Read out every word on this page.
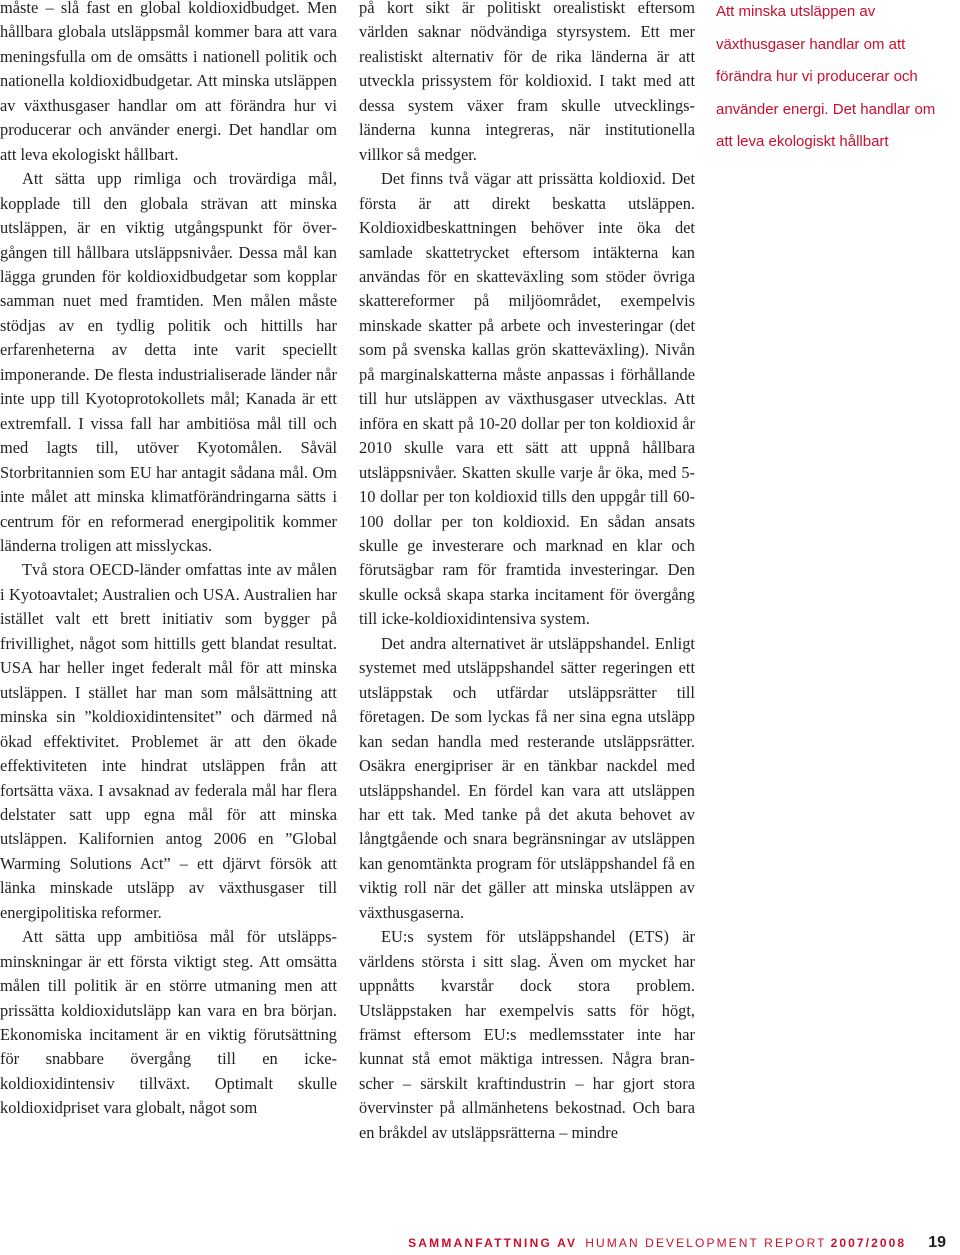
måste – slå fast en global koldioxidbudget. Men hållbara globala utsläppsmål kommer bara att vara meningsfulla om de omsätts i nationell politik och nationella koldioxidbudgetar. Att minska utsläppen av växthusgaser handlar om att förändra hur vi producerar och använder energi. Det handlar om att leva ekologiskt hållbart.

Att sätta upp rimliga och trovärdiga mål, kopplade till den globala strävan att minska utsläppen, är en viktig utgångspunkt för övergången till hållbara utsläppsnivåer. Dessa mål kan lägga grunden för koldioxidbudgetar som kopplar samman nuet med framtiden. Men målen måste stödjas av en tydlig politik och hittills har erfarenheterna av detta inte varit speciellt imponerande. De flesta industrialiserade länder når inte upp till Kyotoprotokollets mål; Kanada är ett extremfall. I vissa fall har ambitiösa mål till och med lagts till, utöver Kyotomålen. Såväl Storbritannien som EU har antagit sådana mål. Om inte målet att minska klimatförändringarna sätts i centrum för en reformerad energipolitik kommer länderna troligen att misslyckas.

Två stora OECD-länder omfattas inte av målen i Kyotoavtalet; Australien och USA. Australien har istället valt ett brett initiativ som bygger på frivillighet, något som hittills gett blandat resultat. USA har heller inget federalt mål för att minska utsläppen. I stället har man som målsättning att minska sin ”koldioxidintensitet” och därmed nå ökad effektivitet. Problemet är att den ökade effektiviteten inte hindrat utsläppen från att fortsätta växa. I avsaknad av federala mål har flera delstater satt upp egna mål för att minska utsläppen. Kalifornien antog 2006 en ”Global Warming Solutions Act” – ett djärvt försök att länka minskade utsläpp av växthusgaser till energipolitiska reformer.

Att sätta upp ambitiösa mål för utsläppsminskningar är ett första viktigt steg. Att omsätta målen till politik är en större utmaning men att prissätta koldioxidutsläpp kan vara en bra början. Ekonomiska incitament är en viktig förutsättning för snabbare övergång till en icke-koldioxidintensiv tillväxt. Optimalt skulle koldioxidpriset vara globalt, något som

på kort sikt är politiskt orealistiskt eftersom världen saknar nödvändiga styrsystem. Ett mer realistiskt alternativ för de rika länderna är att utveckla prissystem för koldioxid. I takt med att dessa system växer fram skulle utvecklingsländerna kunna integreras, när institutionella villkor så medger.

Det finns två vägar att prissätta koldioxid. Det första är att direkt beskatta utsläppen. Koldioxidbeskattningen behöver inte öka det samlade skattetrycket eftersom intäkterna kan användas för en skatteväxling som stöder övriga skattereformer på miljöområdet, exempelvis minskade skatter på arbete och investeringar (det som på svenska kallas grön skatteväxling). Nivån på marginalskatterna måste anpassas i förhållande till hur utsläppen av växthusgaser utvecklas. Att införa en skatt på 10-20 dollar per ton koldioxid år 2010 skulle vara ett sätt att uppnå hållbara utsläppsnivåer. Skatten skulle varje år öka, med 5-10 dollar per ton koldioxid tills den uppgår till 60-100 dollar per ton koldioxid. En sådan ansats skulle ge investerare och marknad en klar och förutsägbar ram för framtida investeringar. Den skulle också skapa starka incitament för övergång till icke-koldioxidintensiva system.

Det andra alternativet är utsläppshandel. Enligt systemet med utsläppshandel sätter regeringen ett utsläppstak och utfärdar utsläppsrätter till företagen. De som lyckas få ner sina egna utsläpp kan sedan handla med resterande utsläppsrätter. Osäkra energipriser är en tänkbar nackdel med utsläppshandel. En fördel kan vara att utsläppen har ett tak. Med tanke på det akuta behovet av långtgående och snara begränsningar av utsläppen kan genomtänkta program för utsläppshandel få en viktig roll när det gäller att minska utsläppen av växthusgaserna.

EU:s system för utsläppshandel (ETS) är världens största i sitt slag. Även om mycket har uppnåtts kvarstår dock stora problem. Utsläppstaken har exempelvis satts för högt, främst eftersom EU:s medlemsstater inte har kunnat stå emot mäktiga intressen. Några branscher – särskilt kraftindustrin – har gjort stora övervinster på allmänhetens bekostnad. Och bara en bråkdel av utsläppsrätterna – mindre

Att minska utsläppen av växthusgaser handlar om att förändra hur vi producerar och använder energi. Det handlar om att leva ekologiskt hållbart

SAMMANFATTNING AV HUMAN DEVELOPMENT REPORT 2007/2008 19
